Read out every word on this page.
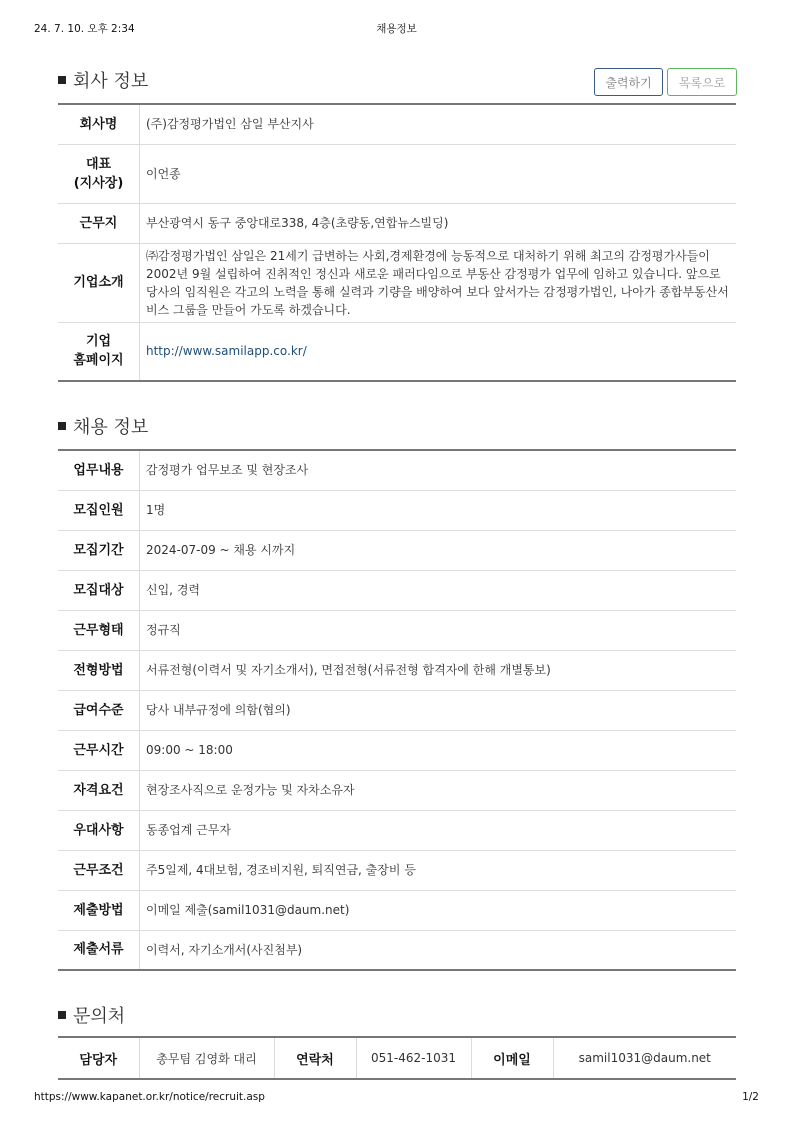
24. 7. 10. 오후 2:34	채용정보
회사 정보	출력하기	목록으로
회사명	(주)감정평가법인 삼일 부산지사
대표
(지사장)	이언종
근무지	부산광역시 동구 중앙대로338, 4층(초량동,연합뉴스빌딩)
기업소개	㈜감정평가법인 삼일은 21세기 급변하는 사회,경제환경에 능동적으로 대처하기 위해 최고의 감정평가사들이 2002년 9월 설립하여 진취적인 정신과 새로운 패러다임으로 부동산 감정평가 업무에 임하고 있습니다. 앞으로 당사의 임직원은 각고의 노력을 통해 실력과 기량을 배양하여 보다 앞서가는 감정평가법인, 나아가 종합부동산서비스 그룹을 만들어 가도록 하겠습니다.
기업
홈페이지	http://www.samilapp.co.kr/
채용 정보
업무내용	감정평가 업무보조 및 현장조사
모집인원	1명
모집기간	2024-07-09 ~ 채용 시까지
모집대상	신입, 경력
근무형태	정규직
전형방법	서류전형(이력서 및 자기소개서), 면접전형(서류전형 합격자에 한해 개별통보)
급여수준	당사 내부규정에 의함(협의)
근무시간	09:00 ~ 18:00
자격요건	현장조사직으로 운정가능 및 자차소유자
우대사항	동종업계 근무자
근무조건	주5일제, 4대보험, 경조비지원, 퇴직연금, 출장비 등
제출방법	이메일 제출(samil1031@daum.net)
제출서류	이력서, 자기소개서(사진첨부)
문의처
담당자	총무팀 김영화 대리	연락처	051-462-1031	이메일	samil1031@daum.net
https://www.kapanet.or.kr/notice/recruit.asp	1/2
